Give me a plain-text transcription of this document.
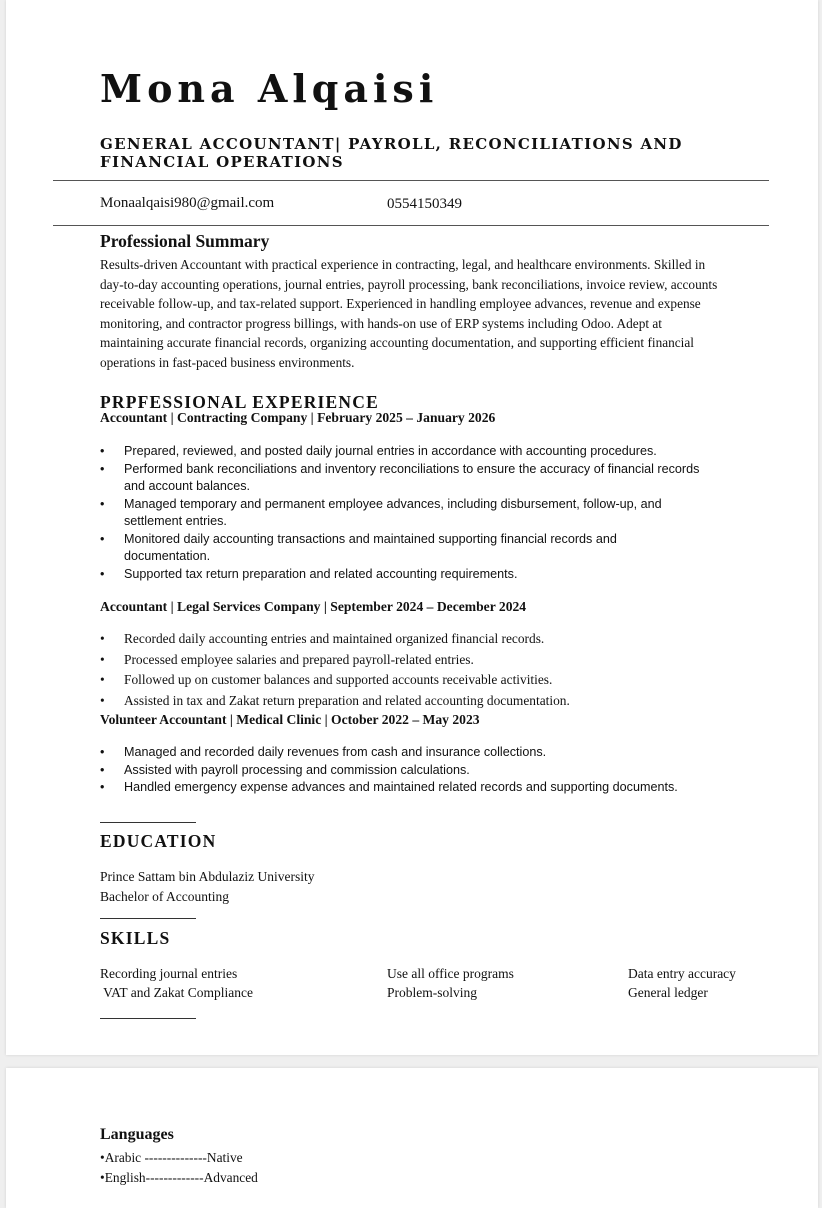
Mona Alqaisi
GENERAL ACCOUNTANT| PAYROLL, RECONCILIATIONS AND FINANCIAL OPERATIONS
Monaalqaisi980@gmail.com	0554150349
Professional Summary
Results-driven Accountant with practical experience in contracting, legal, and healthcare environments. Skilled in day-to-day accounting operations, journal entries, payroll processing, bank reconciliations, invoice review, accounts receivable follow-up, and tax-related support. Experienced in handling employee advances, revenue and expense monitoring, and contractor progress billings, with hands-on use of ERP systems including Odoo. Adept at maintaining accurate financial records, organizing accounting documentation, and supporting efficient financial operations in fast-paced business environments.
PRPFESSIONAL EXPERIENCE
Accountant | Contracting Company | February 2025 – January 2026
• Prepared, reviewed, and posted daily journal entries in accordance with accounting procedures.
• Performed bank reconciliations and inventory reconciliations to ensure the accuracy of financial records and account balances.
• Managed temporary and permanent employee advances, including disbursement, follow-up, and settlement entries.
• Monitored daily accounting transactions and maintained supporting financial records and documentation.
• Supported tax return preparation and related accounting requirements.
Accountant | Legal Services Company | September 2024 – December 2024
• Recorded daily accounting entries and maintained organized financial records.
• Processed employee salaries and prepared payroll-related entries.
• Followed up on customer balances and supported accounts receivable activities.
• Assisted in tax and Zakat return preparation and related accounting documentation.
Volunteer Accountant | Medical Clinic | October 2022 – May 2023
• Managed and recorded daily revenues from cash and insurance collections.
• Assisted with payroll processing and commission calculations.
• Handled emergency expense advances and maintained related records and supporting documents.
EDUCATION
Prince Sattam bin Abdulaziz University
Bachelor of Accounting
SKILLS
Recording journal entries	Use all office programs	Data entry accuracy
VAT and Zakat Compliance	Problem-solving	General ledger
Languages
•Arabic --------------Native
•English-------------Advanced
